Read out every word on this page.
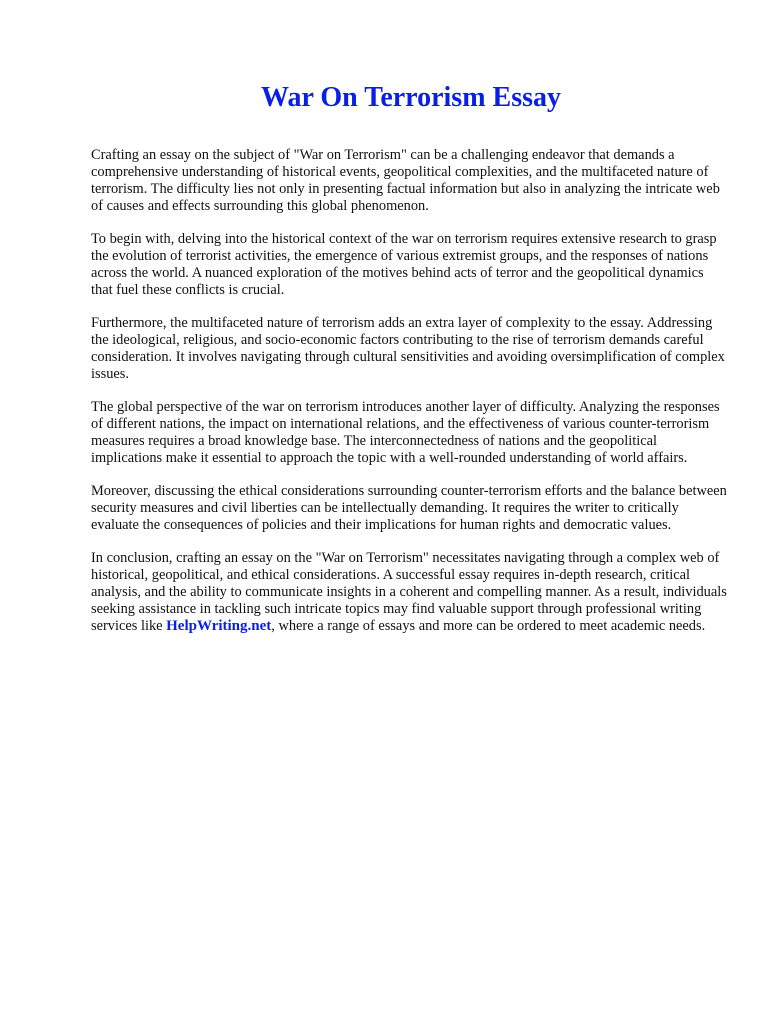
War On Terrorism Essay

Crafting an essay on the subject of "War on Terrorism" can be a challenging endeavor that demands a comprehensive understanding of historical events, geopolitical complexities, and the multifaceted nature of terrorism. The difficulty lies not only in presenting factual information but also in analyzing the intricate web of causes and effects surrounding this global phenomenon.

To begin with, delving into the historical context of the war on terrorism requires extensive research to grasp the evolution of terrorist activities, the emergence of various extremist groups, and the responses of nations across the world. A nuanced exploration of the motives behind acts of terror and the geopolitical dynamics that fuel these conflicts is crucial.

Furthermore, the multifaceted nature of terrorism adds an extra layer of complexity to the essay. Addressing the ideological, religious, and socio-economic factors contributing to the rise of terrorism demands careful consideration. It involves navigating through cultural sensitivities and avoiding oversimplification of complex issues.

The global perspective of the war on terrorism introduces another layer of difficulty. Analyzing the responses of different nations, the impact on international relations, and the effectiveness of various counter-terrorism measures requires a broad knowledge base. The interconnectedness of nations and the geopolitical implications make it essential to approach the topic with a well-rounded understanding of world affairs.

Moreover, discussing the ethical considerations surrounding counter-terrorism efforts and the balance between security measures and civil liberties can be intellectually demanding. It requires the writer to critically evaluate the consequences of policies and their implications for human rights and democratic values.

In conclusion, crafting an essay on the "War on Terrorism" necessitates navigating through a complex web of historical, geopolitical, and ethical considerations. A successful essay requires in-depth research, critical analysis, and the ability to communicate insights in a coherent and compelling manner. As a result, individuals seeking assistance in tackling such intricate topics may find valuable support through professional writing services like HelpWriting.net, where a range of essays and more can be ordered to meet academic needs.
